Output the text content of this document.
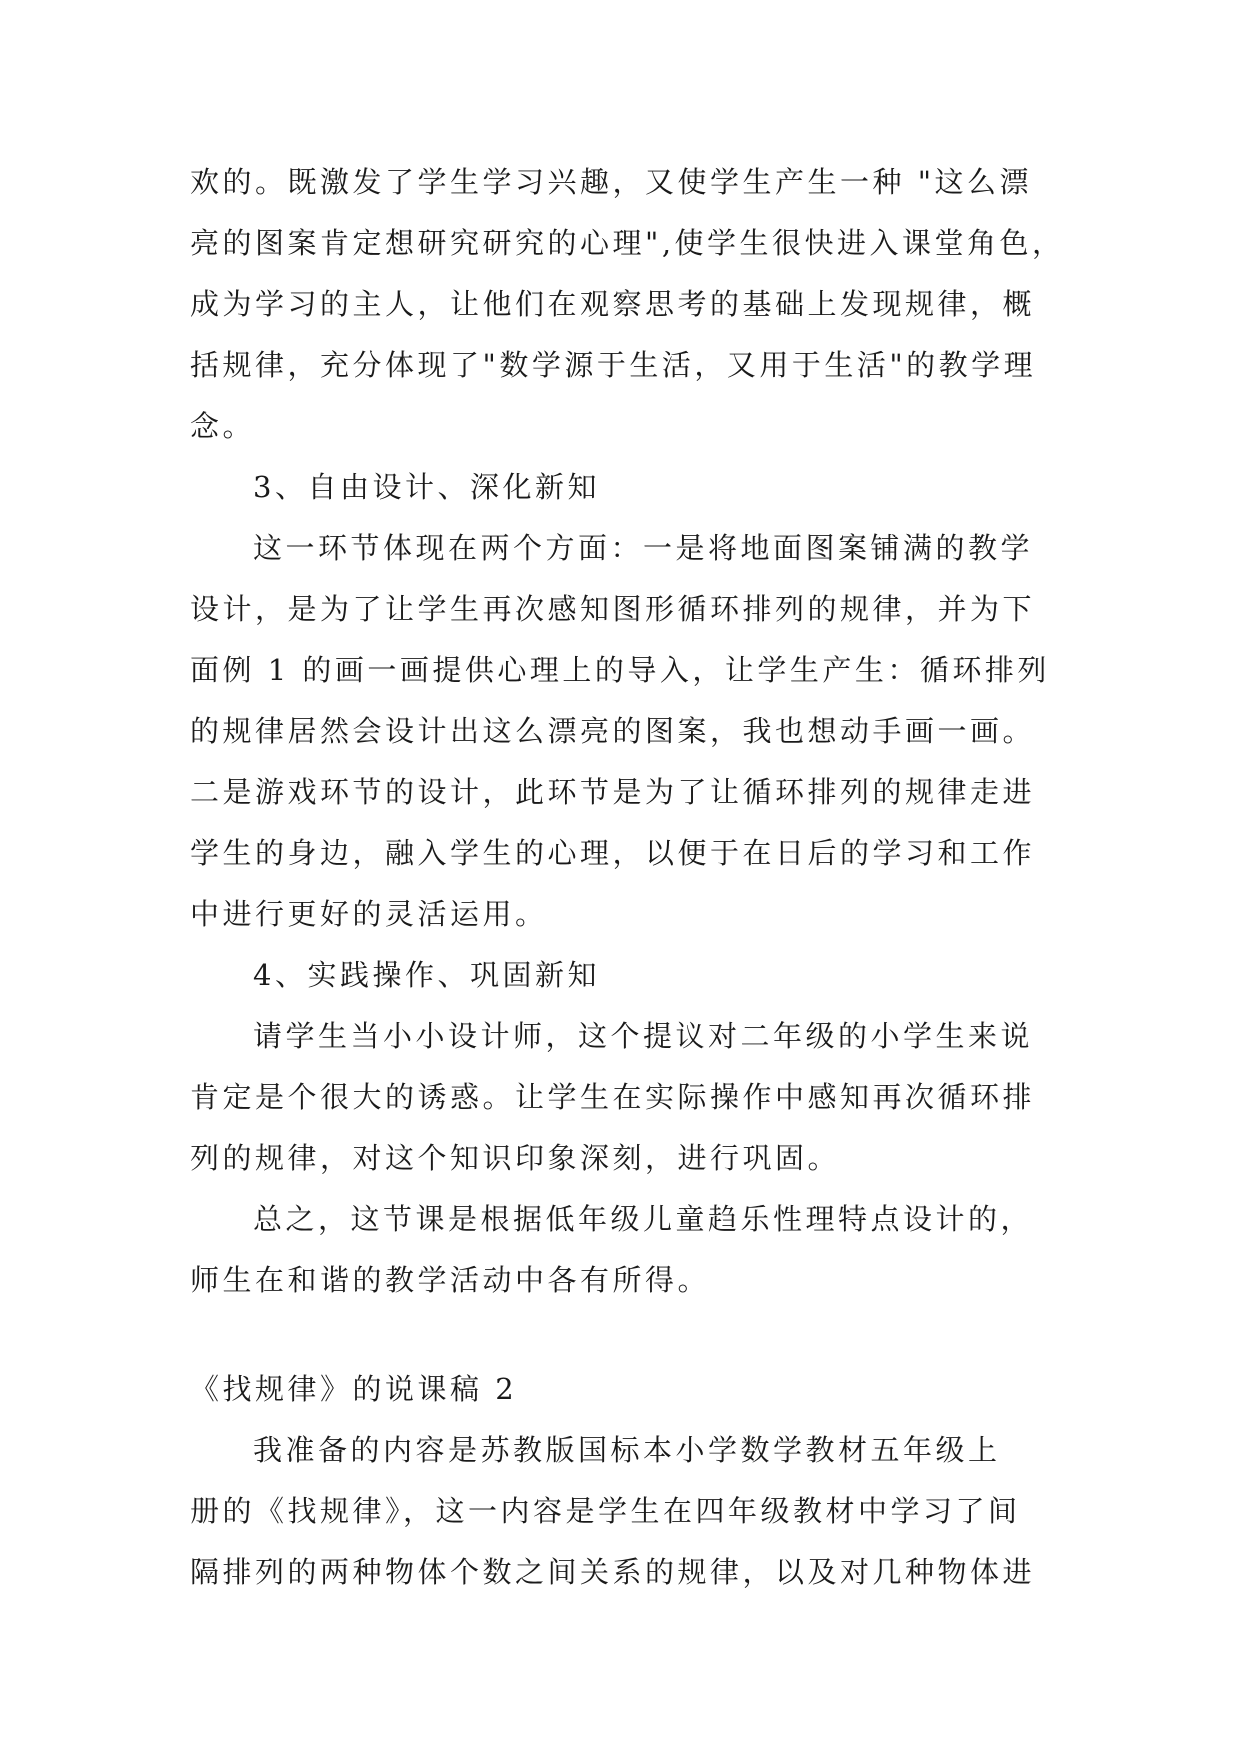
欢的。既激发了学生学习兴趣，又使学生产生一种 "这么漂
亮的图案肯定想研究研究的心理",使学生很快进入课堂角色，
成为学习的主人，让他们在观察思考的基础上发现规律，概
括规律，充分体现了"数学源于生活，又用于生活"的教学理
念。
3、自由设计、深化新知
这一环节体现在两个方面：一是将地面图案铺满的教学
设计，是为了让学生再次感知图形循环排列的规律，并为下
面例 1 的画一画提供心理上的导入，让学生产生：循环排列
的规律居然会设计出这么漂亮的图案，我也想动手画一画。
二是游戏环节的设计，此环节是为了让循环排列的规律走进
学生的身边，融入学生的心理，以便于在日后的学习和工作
中进行更好的灵活运用。
4、实践操作、巩固新知
请学生当小小设计师，这个提议对二年级的小学生来说
肯定是个很大的诱惑。让学生在实际操作中感知再次循环排
列的规律，对这个知识印象深刻，进行巩固。
总之，这节课是根据低年级儿童趋乐性理特点设计的，
师生在和谐的教学活动中各有所得。
《找规律》的说课稿 2
我准备的内容是苏教版国标本小学数学教材五年级上
册的《找规律》，这一内容是学生在四年级教材中学习了间
隔排列的两种物体个数之间关系的规律，以及对几种物体进
